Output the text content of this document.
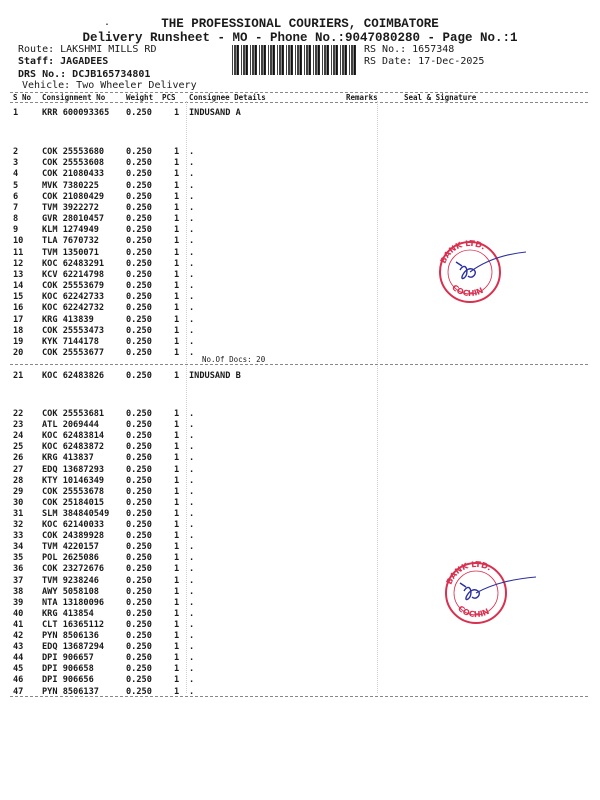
.	THE PROFESSIONAL COURIERS, COIMBATORE
Delivery Runsheet - MO - Phone No.:9047080280 - Page No.:1
Route: LAKSHMI MILLS RD
Staff: JAGADEES
DRS No.: DCJB165734801
Vehicle: Two Wheeler Delivery
RS No.: 1657348
RS Date: 17-Dec-2025
S No Consignment No	Weight PCS Consignee Details	Remarks	Seal & Signature
1	KRR 600093365 0.250	1 INDUSAND A
2	COK 25553680	0.250	1 .
3	COK 25553608	0.250	1 .
4	COK 21080433	0.250	1 .
5	MVK 7380225	0.250	1 .
6	COK 21080429	0.250	1 .
7	TVM 3922272	0.250	1 .
8	GVR 28010457	0.250	1 .
9	KLM 1274949	0.250	1 .
10 TLA 7670732	0.250	1 .
11 TVM 1350071	0.250	1 .
12 KOC 62483291	0.250	1 .
13 KCV 62214798	0.250	1 .
14 COK 25553679	0.250	1 .
15 KOC 62242733	0.250	1 .
16 KOC 62242732	0.250	1 .
17 KRG 413839	0.250	1 .
18 COK 25553473	0.250	1 .
19 KYK 7144178	0.250	1 .
20 COK 25553677	0.250	1 .
21 KOC 62483826	0.250	1 INDUSAND B
22 COK 25553681	0.250	1 .
23 ATL 2069444	0.250	1 .
24 KOC 62483814	0.250	1 .
25 KOC 62483872	0.250	1 .
26 KRG 413837	0.250	1 .
27 EDQ 13687293	0.250	1 .
28 KTY 10146349	0.250	1 .
29 COK 25553678	0.250	1 .
30 COK 25184015	0.250	1 .
31 SLM 384840549 0.250	1 .
32 KOC 62140033	0.250	1 .
33 COK 24389928	0.250	1 .
34 TVM 4220157	0.250	1 .
35 POL 2625086	0.250	1 .
36 COK 23272676	0.250	1 .
37 TVM 9238246	0.250	1 .
38 AWY 5058108	0.250	1 .
39 NTA 13180096	0.250	1 .
40 KRG 413854	0.250	1 .
41 CLT 16365112	0.250	1 .
42 PYN 8506136	0.250	1 .
43 EDQ 13687294	0.250	1 .
44 DPI 906657	0.250	1 .
45 DPI 906658	0.250	1 .
46 DPI 906656	0.250	1 .
47 PYN 8506137	0.250	1 .
No.Of Docs: 20
BANK LTD.
COCHIN
BANK LTD.
COCHIN
